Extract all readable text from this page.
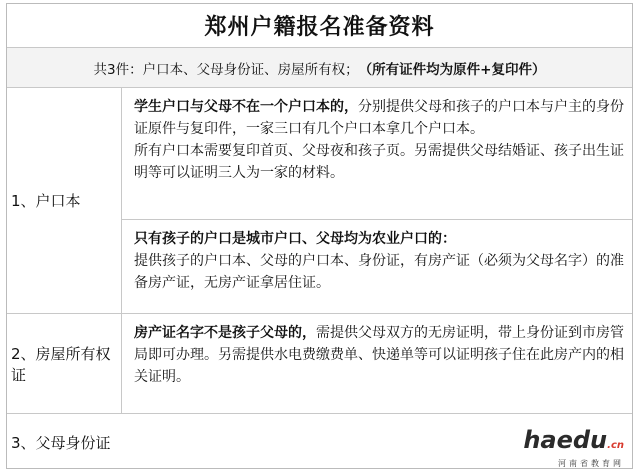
郑州户籍报名准备资料
共3件：户口本、父母身份证、房屋所有权； （所有证件均为原件+复印件）
1、户口本
学生户口与父母不在一个户口本的，分别提供父母和孩子的户口本与户主的身份证原件与复印件，一家三口有几个户口本拿几个户口本。
所有户口本需要复印首页、父母夜和孩子页。另需提供父母结婚证、孩子出生证明等可以证明三人为一家的材料。
只有孩子的户口是城市户口、父母均为农业户口的：
提供孩子的户口本、父母的户口本、身份证，有房产证（必须为父母名字）的准备房产证，无房产证拿居住证。
2、房屋所有权证
房产证名字不是孩子父母的，需提供父母双方的无房证明，带上身份证到市房管局即可办理。另需提供水电费缴费单、快递单等可以证明孩子住在此房产内的相关证明。
3、父母身份证	haedu.cn
河南省教育网
